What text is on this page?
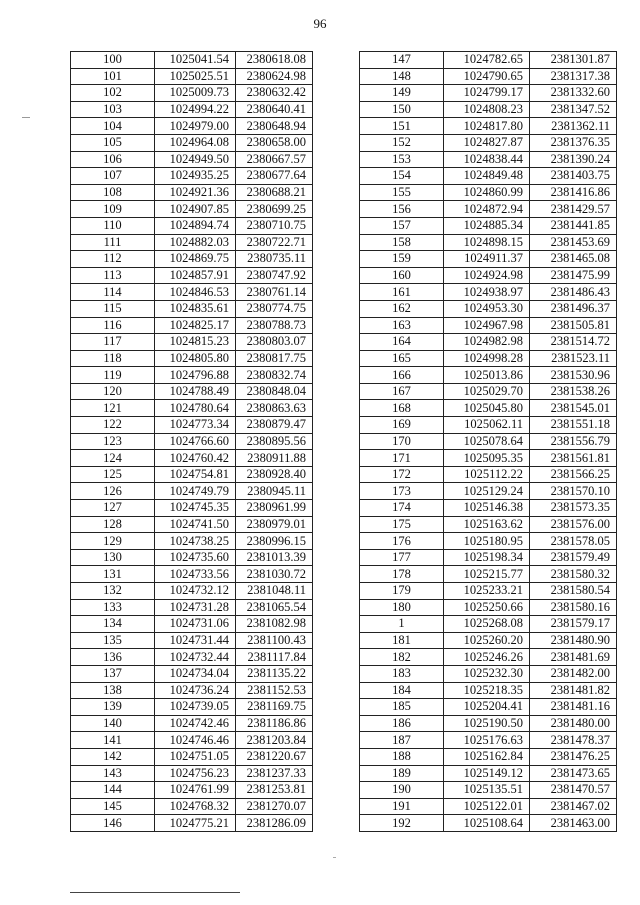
96
100	1025041.54	2380618.08
101	1025025.51	2380624.98
102	1025009.73	2380632.42
103	1024994.22	2380640.41
104	1024979.00	2380648.94
105	1024964.08	2380658.00
106	1024949.50	2380667.57
107	1024935.25	2380677.64
108	1024921.36	2380688.21
109	1024907.85	2380699.25
110	1024894.74	2380710.75
111	1024882.03	2380722.71
112	1024869.75	2380735.11
113	1024857.91	2380747.92
114	1024846.53	2380761.14
115	1024835.61	2380774.75
116	1024825.17	2380788.73
117	1024815.23	2380803.07
118	1024805.80	2380817.75
119	1024796.88	2380832.74
120	1024788.49	2380848.04
121	1024780.64	2380863.63
122	1024773.34	2380879.47
123	1024766.60	2380895.56
124	1024760.42	2380911.88
125	1024754.81	2380928.40
126	1024749.79	2380945.11
127	1024745.35	2380961.99
128	1024741.50	2380979.01
129	1024738.25	2380996.15
130	1024735.60	2381013.39
131	1024733.56	2381030.72
132	1024732.12	2381048.11
133	1024731.28	2381065.54
134	1024731.06	2381082.98
135	1024731.44	2381100.43
136	1024732.44	2381117.84
137	1024734.04	2381135.22
138	1024736.24	2381152.53
139	1024739.05	2381169.75
140	1024742.46	2381186.86
141	1024746.46	2381203.84
142	1024751.05	2381220.67
143	1024756.23	2381237.33
144	1024761.99	2381253.81
145	1024768.32	2381270.07
146	1024775.21	2381286.09
147	1024782.65	2381301.87
148	1024790.65	2381317.38
149	1024799.17	2381332.60
150	1024808.23	2381347.52
151	1024817.80	2381362.11
152	1024827.87	2381376.35
153	1024838.44	2381390.24
154	1024849.48	2381403.75
155	1024860.99	2381416.86
156	1024872.94	2381429.57
157	1024885.34	2381441.85
158	1024898.15	2381453.69
159	1024911.37	2381465.08
160	1024924.98	2381475.99
161	1024938.97	2381486.43
162	1024953.30	2381496.37
163	1024967.98	2381505.81
164	1024982.98	2381514.72
165	1024998.28	2381523.11
166	1025013.86	2381530.96
167	1025029.70	2381538.26
168	1025045.80	2381545.01
169	1025062.11	2381551.18
170	1025078.64	2381556.79
171	1025095.35	2381561.81
172	1025112.22	2381566.25
173	1025129.24	2381570.10
174	1025146.38	2381573.35
175	1025163.62	2381576.00
176	1025180.95	2381578.05
177	1025198.34	2381579.49
178	1025215.77	2381580.32
179	1025233.21	2381580.54
180	1025250.66	2381580.16
1	1025268.08	2381579.17
181	1025260.20	2381480.90
182	1025246.26	2381481.69
183	1025232.30	2381482.00
184	1025218.35	2381481.82
185	1025204.41	2381481.16
186	1025190.50	2381480.00
187	1025176.63	2381478.37
188	1025162.84	2381476.25
189	1025149.12	2381473.65
190	1025135.51	2381470.57
191	1025122.01	2381467.02
192	1025108.64	2381463.00
